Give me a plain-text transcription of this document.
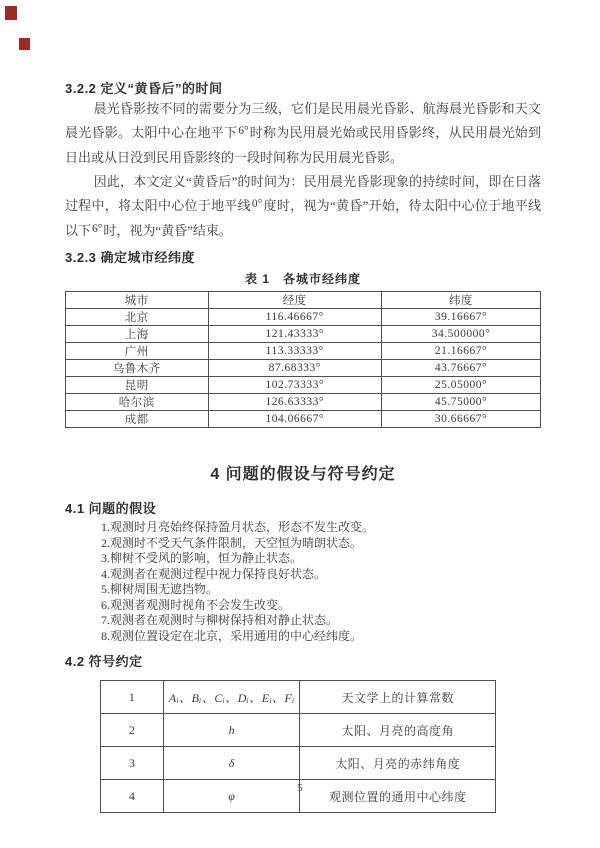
3.2.2 定义“黄昏后”的时间

晨光昏影按不同的需要分为三级，它们是民用晨光昏影、航海晨光昏影和天文晨光昏影。太阳中心在地平下6°时称为民用晨光始或民用昏影终，从民用晨光始到日出或从日没到民用昏影终的一段时间称为民用晨光昏影。

因此，本文定义“黄昏后”的时间为：民用晨光昏影现象的持续时间，即在日落过程中，将太阳中心位于地平线0°度时，视为“黄昏”开始，待太阳中心位于地平线以下6°时，视为“黄昏”结束。

3.2.3 确定城市经纬度
表 1　各城市经纬度
城市	经度	纬度
北京	116.46667°	39.16667°
上海	121.43333°	34.500000°
广州	113.33333°	21.16667°
乌鲁木齐	87.68333°	43.76667°
昆明	102.73333°	25.05000°
哈尔滨	126.63333°	45.75000°
成都	104.06667°	30.66667°
4 问题的假设与符号约定
4.1 问题的假设
1.观测时月亮始终保持盈月状态，形态不发生改变。
2.观测时不受天气条件限制，天空恒为晴朗状态。
3.柳树不受风的影响，恒为静止状态。
4.观测者在观测过程中视力保持良好状态。
5.柳树周围无遮挡物。
6.观测者观测时视角不会发生改变。
7.观测者在观测时与柳树保持相对静止状态。
8.观测位置设定在北京，采用通用的中心经纬度。
4.2 符号约定
1	Aᵢ、Bᵢ、Cᵢ、Dᵢ、Eᵢ、Fᵢ	天文学上的计算常数
2	h	太阳、月亮的高度角
3	δ	太阳、月亮的赤纬角度
4	φ	观测位置的通用中心纬度
5
